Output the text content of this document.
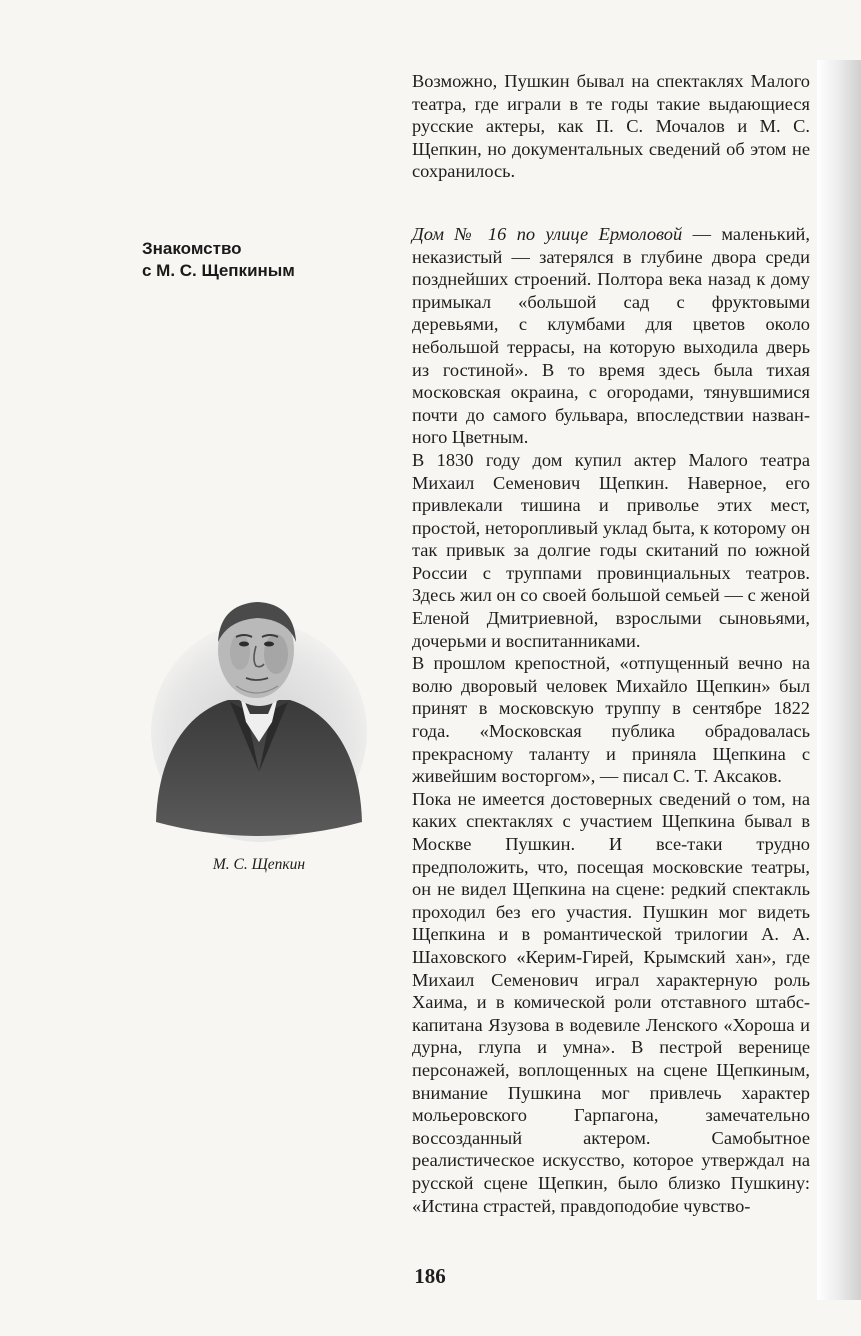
Знакомство
с М. С. Щепкиным

Возможно, Пушкин бывал на спектаклях Малого театра, где играли в те годы такие выдающиеся русские актеры, как П. С. Мочалов и М. С. Щепкин, но документальных сведений об этом не сохранилось.

Дом № 16 по улице Ермоловой — маленький, неказистый — затерялся в глубине двора среди позднейших строений. Полтора века назад к дому примыкал «большой сад с фруктовыми деревьями, с клумбами для цветов около небольшой террасы, на которую выходила дверь из гостиной». В то время здесь была тихая московская окраина, с огородами, тянувшимися почти до самого бульвара, впоследствии названного Цветным.

В 1830 году дом купил актер Малого театра Михаил Семенович Щепкин. Наверное, его привлекали тишина и приволье этих мест, простой, неторопливый уклад быта, к которому он так привык за долгие годы скитаний по южной России с труппами провинциальных театров. Здесь жил он со своей большой семьей — с женой Еленой Дмитриевной, взрослыми сыновьями, дочерьми и воспитанниками.

В прошлом крепостной, «отпущенный вечно на волю дворовый человек Михайло Щепкин» был принят в московскую труппу в сентябре 1822 года. «Московская публика обрадовалась прекрасному таланту и приняла Щепкина с живейшим восторгом», — писал С. Т. Аксаков.

Пока не имеется достоверных сведений о том, на каких спектаклях с участием Щепкина бывал в Москве Пушкин. И все-таки трудно предположить, что, посещая московские театры, он не видел Щепкина на сцене: редкий спектакль проходил без его участия. Пушкин мог видеть Щепкина и в романтической трилогии А. А. Шаховского «Керим-Гирей, Крымский хан», где Михаил Семенович играл характерную роль Хаима, и в комической роли отставного штабс-капитана Язузова в водевиле Ленского «Хороша и дурна, глупа и умна». В пестрой веренице персонажей, воплощенных на сцене Щепкиным, внимание Пушкина мог привлечь характер мольеровского Гарпагона, замечательно воссозданный актером. Самобытное реалистическое искусство, которое утверждал на русской сцене Щепкин, было близко Пушкину: «Истина страстей, правдоподобие чувство-

М. С. Щепкин
186
